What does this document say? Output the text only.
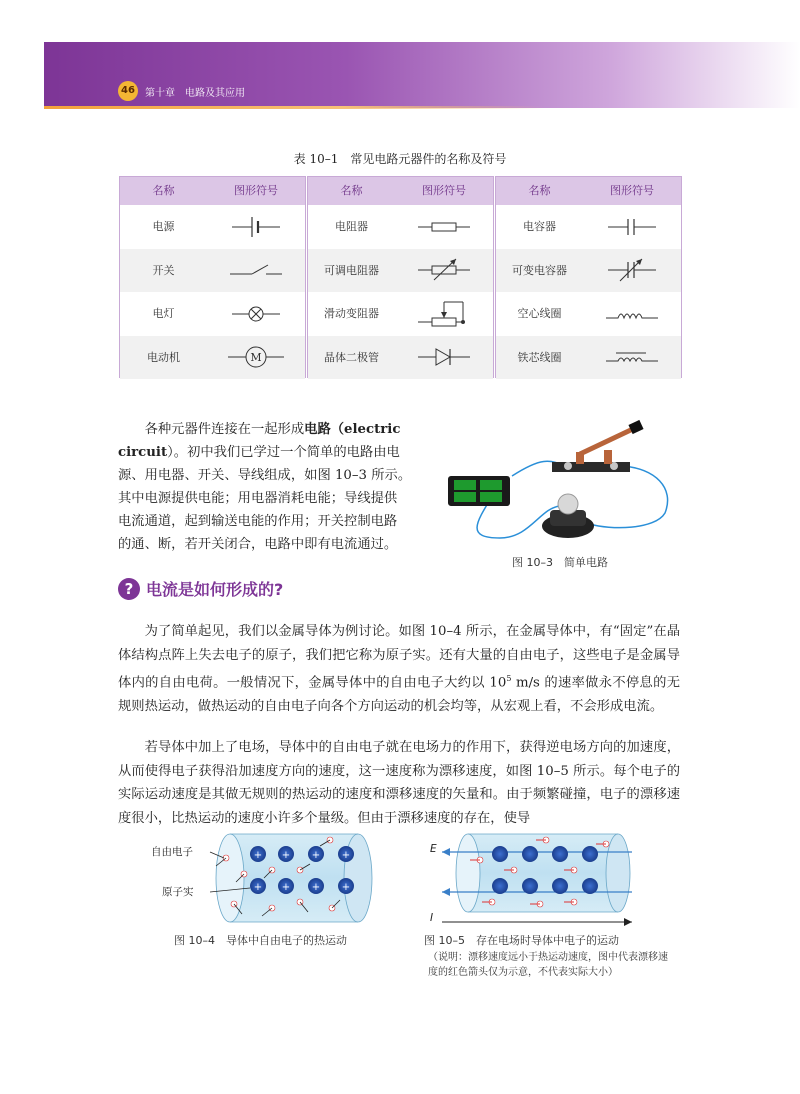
46	第十章　电路及其应用
表 10–1　常见电路元器件的名称及符号
名称	图形符号
电源
开关
电灯
电动机	M
名称	图形符号
电阻器
可调电阻器
滑动变阻器
晶体二极管
名称	图形符号
电容器
可变电容器
空心线圈
铁芯线圈

各种元器件连接在一起形成电路（electric

circuit）。初中我们已学过一个简单的电路由电

源、用电器、开关、导线组成，如图 10–3 所示。

其中电源提供电能；用电器消耗电能；导线提供

电流通道，起到输送电能的作用；开关控制电路

的通、断，若开关闭合，电路中即有电流通过。

图 10–3　简单电路
? 电流是如何形成的?

为了简单起见，我们以金属导体为例讨论。如图 10–4 所示，在金属导体中，有“固定”在晶体结构点阵上失去电子的原子，我们把它称为原子实。还有大量的自由电子，这些电子是金属导体内的自由电荷。一般情况下，金属导体中的自由电子大约以 $10^5$ m/s 的速率做永不停息的无规则热运动，做热运动的自由电子向各个方向运动的机会均等，从宏观上看，不会形成电流。

若导体中加上了电场，导体中的自由电子就在电场力的作用下，获得逆电场方向的加速度，从而使得电子获得沿加速度方向的速度，这一速度称为漂移速度，如图 10–5 所示。每个电子的实际运动速度是其做无规则的热运动的速度和漂移速度的矢量和。由于频繁碰撞，电子的漂移速度很小，比热运动的速度小许多个量级。但由于漂移速度的存在，使导

+ + + +
+ + + +
自由电子
原子实
图 10–4　导体中自由电子的热运动
E
I
图 10–5　存在电场时导体中电子的运动
（说明：漂移速度远小于热运动速度，图中代表漂移速度的红色箭头仅为示意，不代表实际大小）
